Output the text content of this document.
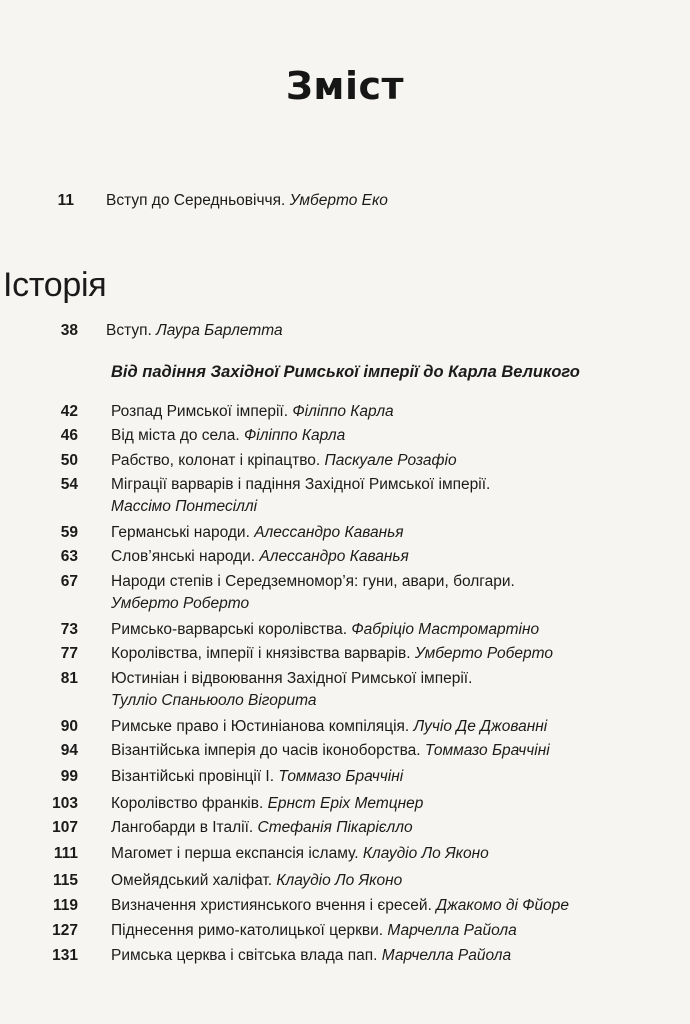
Зміст
11 Вступ до Середньовіччя. Умберто Еко
Історія
38 Вступ. Лаура Барлетта
Від падіння Західної Римської імперії до Карла Великого
42 Розпад Римської імперії. Філіппо Карла
46 Від міста до села. Філіппо Карла
50 Рабство, колонат і кріпацтво. Паскуале Розафіо
54 Міграції варварів і падіння Західної Римської імперії.
Массімо Понтесіллі
59 Германські народи. Алессандро Каванья
63 Слов’янські народи. Алессандро Каванья
67 Народи степів і Середземномор’я: гуни, авари, болгари.
Умберто Роберто
73 Римсько-варварські королівства. Фабріціо Мастромартіно
77 Королівства, імперії і князівства варварів. Умберто Роберто
81 Юстиніан і відвоювання Західної Римської імперії.
Тулліо Спаньюоло Вігорита
90 Римське право і Юстиніанова компіляція. Лучіо Де Джованні
94 Візантійська імперія до часів іконоборства. Томмазо Браччіні
99 Візантійські провінції I. Томмазо Браччіні
103 Королівство франків. Ернст Еріх Метцнер
107 Лангобарди в Італії. Стефанія Пікарієлло
111 Магомет і перша експансія ісламу. Клаудіо Ло Яконо
115 Омейядський халіфат. Клаудіо Ло Яконо
119 Визначення християнського вчення і єресей. Джакомо ді Фйоре
127 Піднесення римо-католицької церкви. Марчелла Райола
131 Римська церква і світська влада пап. Марчелла Райола
